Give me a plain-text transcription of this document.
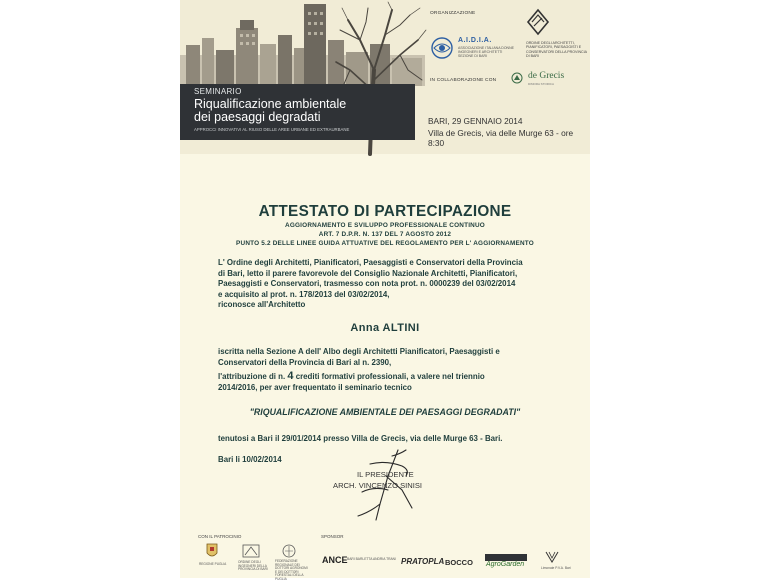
SEMINARIO
Riqualificazione ambientale
dei paesaggi degradati
APPROCCI INNOVATIVI AL RIUSO DELLE AREE URBANE ED EXTRAURBANE
ORGANIZZAZIONE
A.I.D.I.A.
ASSOCIAZIONE ITALIANA DONNE INGEGNERI E ARCHITETTI SEZIONE DI BARI
ORDINE DEGLI ARCHITETTI, PIANIFICATORI, PAESAGGISTI E CONSERVATORI DELLA PROVINCIA DI BARI
IN COLLABORAZIONE CON	de Grecis
DIMORA STORICA
BARI, 29 GENNAIO 2014
Villa de Grecis, via delle Murge 63 - ore 8:30
ATTESTATO DI PARTECIPAZIONE
AGGIORNAMENTO E SVILUPPO PROFESSIONALE CONTINUO
ART. 7 D.P.R. N. 137 DEL 7 AGOSTO 2012
PUNTO 5.2 DELLE LINEE GUIDA ATTUATIVE DEL REGOLAMENTO PER L' AGGIORNAMENTO
L' Ordine degli Architetti, Pianificatori, Paesaggisti e Conservatori della Provincia
di Bari, letto il parere favorevole del Consiglio Nazionale Architetti, Pianificatori,
Paesaggisti e Conservatori, trasmesso con nota prot. n. 0000239 del 03/02/2014
e acquisito al prot. n. 178/2013 del 03/02/2014,
riconosce all'Architetto
Anna ALTINI
iscritta nella Sezione A dell' Albo degli Architetti Pianificatori, Paesaggisti e
Conservatori della Provincia di Bari al n. 2390,
l'attribuzione di n. 4 crediti formativi professionali, a valere nel triennio
2014/2016, per aver frequentato il seminario tecnico
"RIQUALIFICAZIONE AMBIENTALE DEI PAESAGGI DEGRADATI"
tenutosi a Bari il 29/01/2014 presso Villa de Grecis, via delle Murge 63 - Bari.
Bari li 10/02/2014
IL PRESIDENTE
ARCH. VINCENZO SINISI
CON IL PATROCINIO	SPONSOR
REGIONE PUGLIA	ORDINE DEGLI INGEGNERI DELLA PROVINCIA DI BARI
FEDERAZIONE REGIONALE DEI DOTTORI AGRONOMI E DEI DOTTORI FORESTALI DELLA PUGLIA
ANCE BARI BARLETTA ANDRIA TRANI PRATOPLA BOCCO AgroGarden	Limonaie P.V.A. Bari
